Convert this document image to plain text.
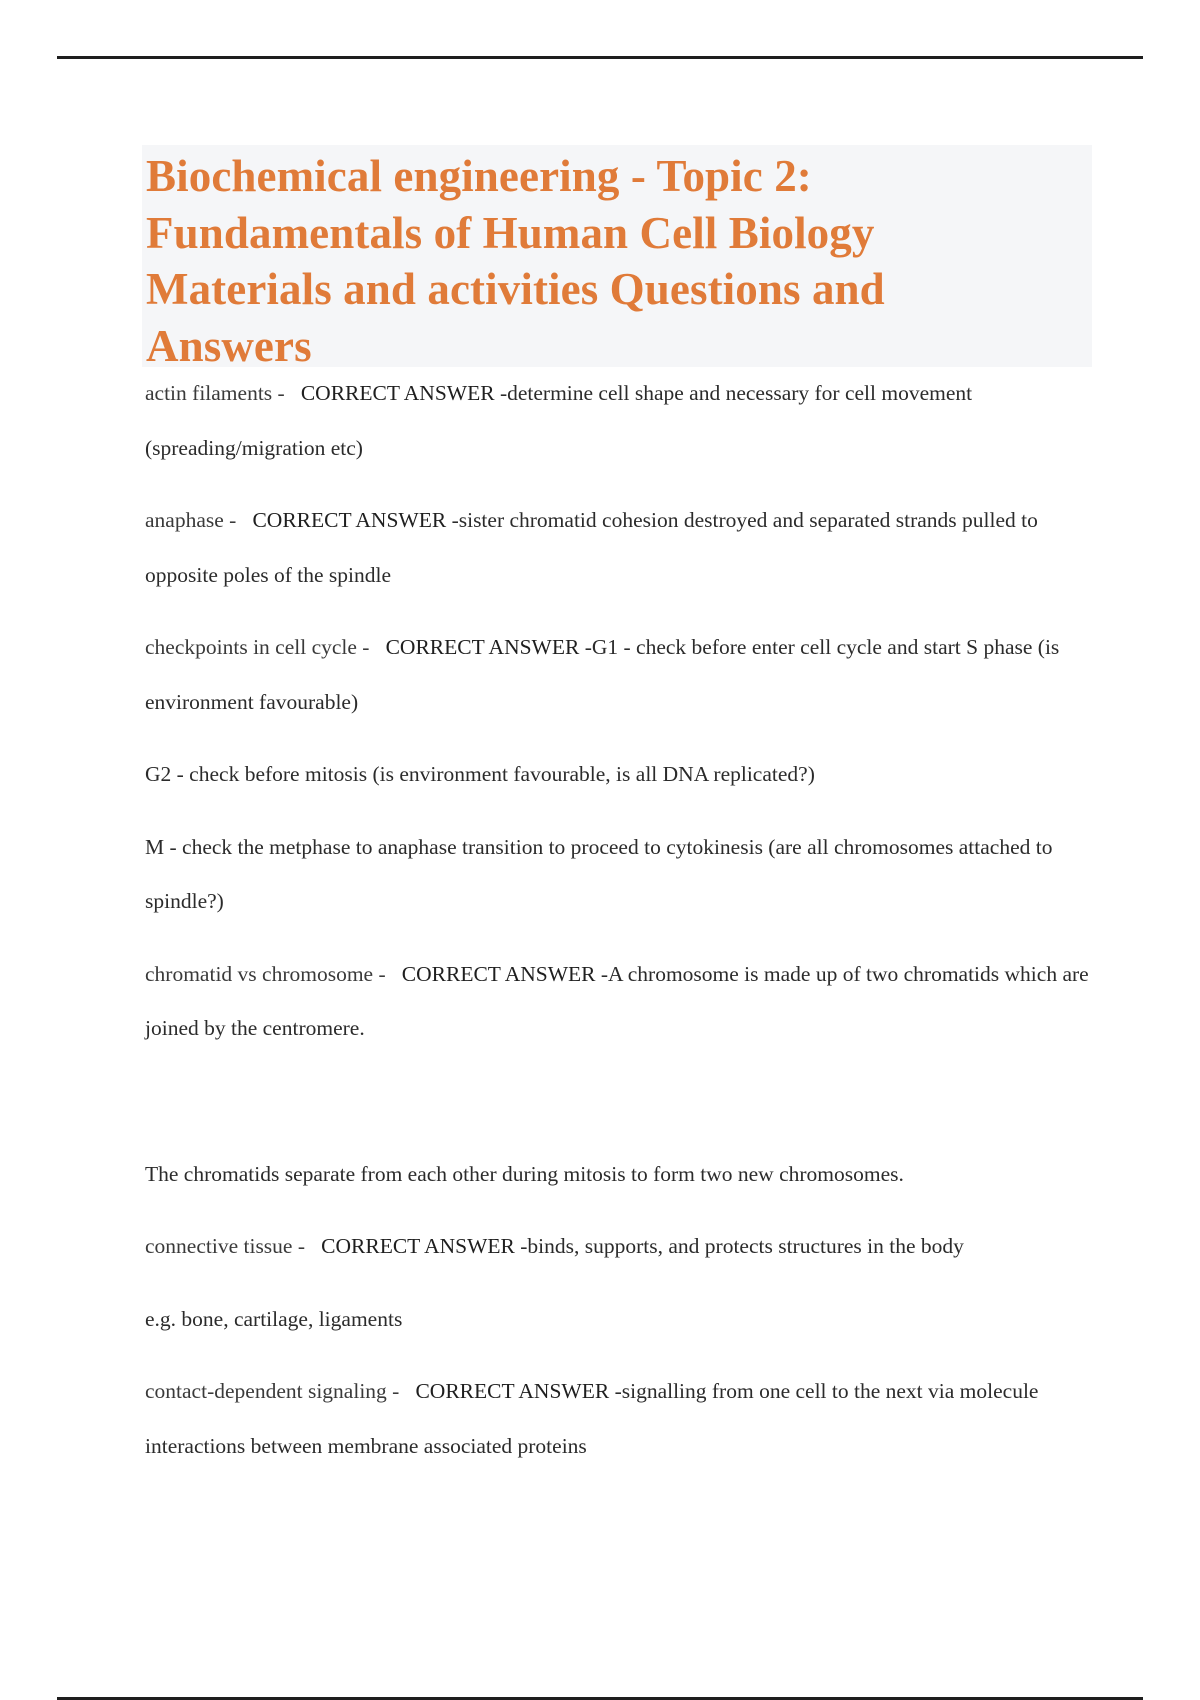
Biochemical engineering - Topic 2:
Fundamentals of Human Cell Biology
Materials and activities Questions and
Answers

actin filaments - CORRECT ANSWER -determine cell shape and necessary for cell movement (spreading/migration etc)

anaphase - CORRECT ANSWER -sister chromatid cohesion destroyed and separated strands pulled to opposite poles of the spindle

checkpoints in cell cycle - CORRECT ANSWER -G1 - check before enter cell cycle and start S phase (is environment favourable)

G2 - check before mitosis (is environment favourable, is all DNA replicated?)

M - check the metphase to anaphase transition to proceed to cytokinesis (are all chromosomes attached to spindle?)

chromatid vs chromosome - CORRECT ANSWER -A chromosome is made up of two chromatids which are joined by the centromere.

The chromatids separate from each other during mitosis to form two new chromosomes.

connective tissue - CORRECT ANSWER -binds, supports, and protects structures in the body

e.g. bone, cartilage, ligaments

contact-dependent signaling - CORRECT ANSWER -signalling from one cell to the next via molecule interactions between membrane associated proteins
